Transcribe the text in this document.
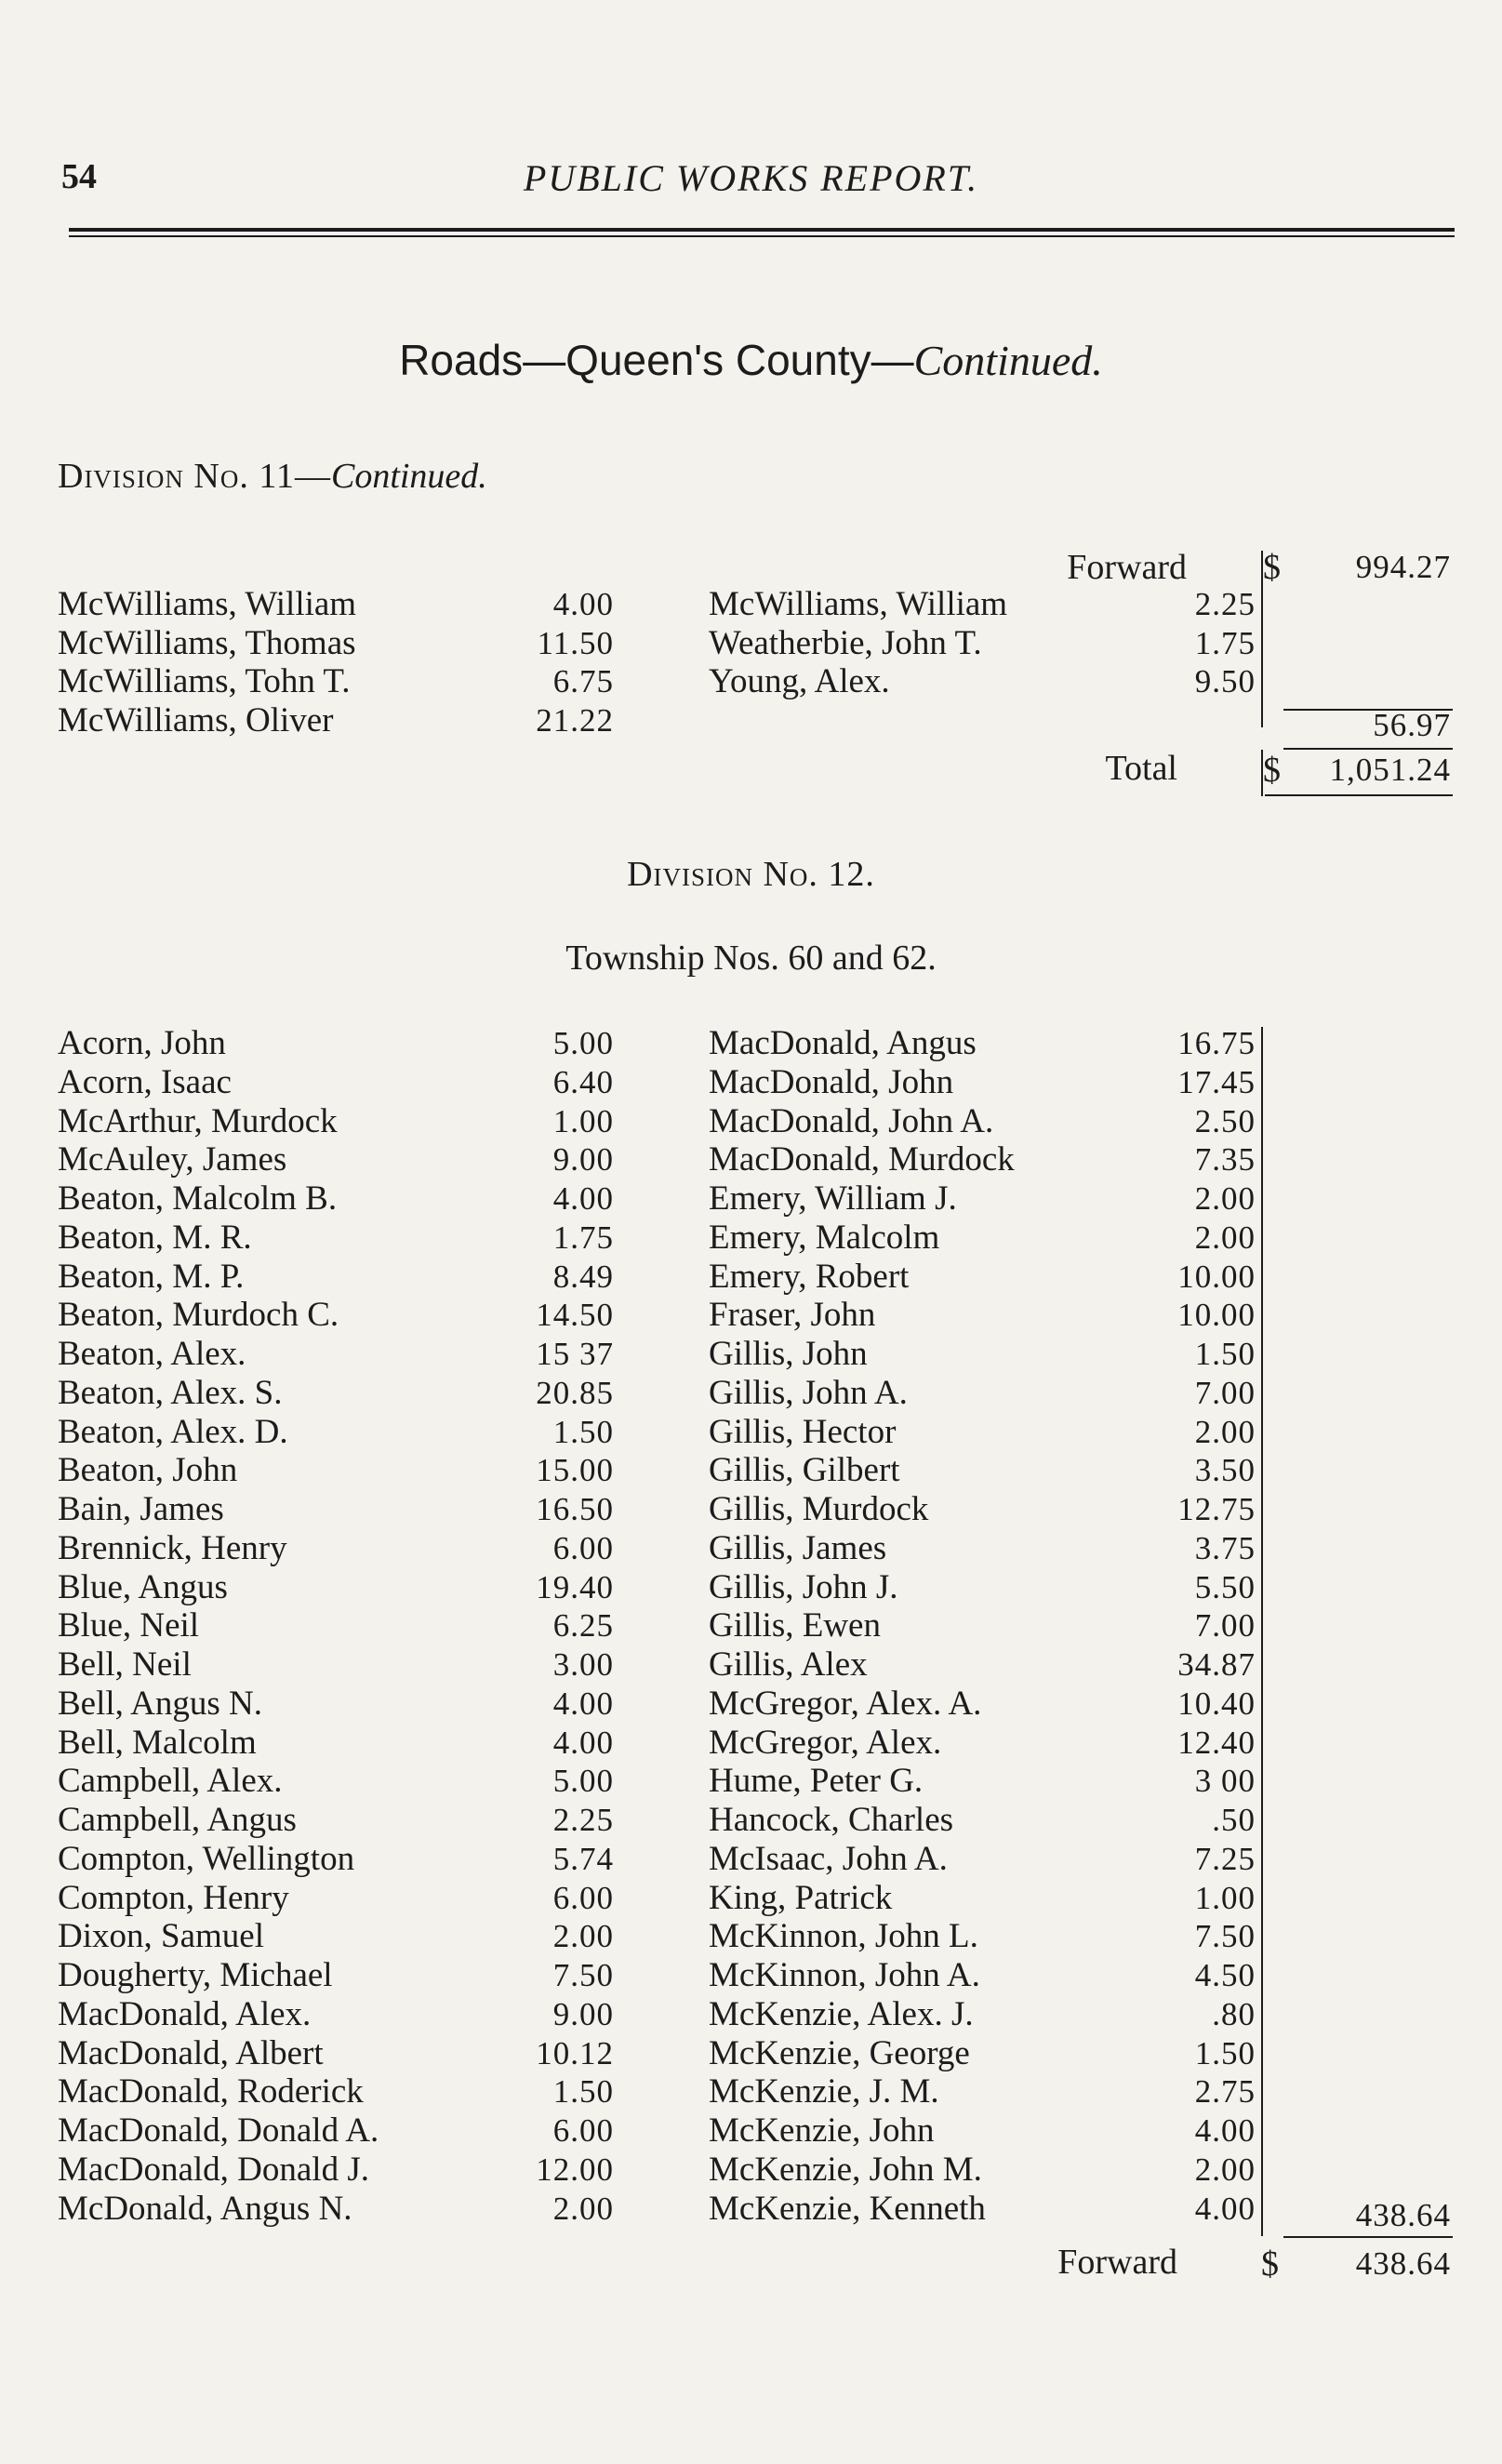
54	PUBLIC WORKS REPORT.
Roads—Queen's County—Continued.
Division No. 11—Continued.
Forward $	994.27
McWilliams, William	4.00
McWilliams, Thomas	11.50
McWilliams, Tohn T.	6.75
McWilliams, Oliver	21.22
McWilliams, William	2.25
Weatherbie, John T.	1.75
Young, Alex.	9.50
56.97
Total $	1,051.24
Division No. 12.
Township Nos. 60 and 62.
Acorn, John	5.00
Acorn, Isaac	6.40
McArthur, Murdock	1.00
McAuley, James	9.00
Beaton, Malcolm B.	4.00
Beaton, M. R.	1.75
Beaton, M. P.	8.49
Beaton, Murdoch C.	14.50
Beaton, Alex.	15 37
Beaton, Alex. S.	20.85
Beaton, Alex. D.	1.50
Beaton, John	15.00
Bain, James	16.50
Brennick, Henry	6.00
Blue, Angus	19.40
Blue, Neil	6.25
Bell, Neil	3.00
Bell, Angus N.	4.00
Bell, Malcolm	4.00
Campbell, Alex.	5.00
Campbell, Angus	2.25
Compton, Wellington	5.74
Compton, Henry	6.00
Dixon, Samuel	2.00
Dougherty, Michael	7.50
MacDonald, Alex.	9.00
MacDonald, Albert	10.12
MacDonald, Roderick	1.50
MacDonald, Donald A.	6.00
MacDonald, Donald J.	12.00
McDonald, Angus N.	2.00
MacDonald, Angus	16.75
MacDonald, John	17.45
MacDonald, John A.	2.50
MacDonald, Murdock	7.35
Emery, William J.	2.00
Emery, Malcolm	2.00
Emery, Robert	10.00
Fraser, John	10.00
Gillis, John	1.50
Gillis, John A.	7.00
Gillis, Hector	2.00
Gillis, Gilbert	3.50
Gillis, Murdock	12.75
Gillis, James	3.75
Gillis, John J.	5.50
Gillis, Ewen	7.00
Gillis, Alex	34.87
McGregor, Alex. A.	10.40
McGregor, Alex.	12.40
Hume, Peter G.	3 00
Hancock, Charles	.50
McIsaac, John A.	7.25
King, Patrick	1.00
McKinnon, John L.	7.50
McKinnon, John A.	4.50
McKenzie, Alex. J.	.80
McKenzie, George	1.50
McKenzie, J. M.	2.75
McKenzie, John	4.00
McKenzie, John M.	2.00
McKenzie, Kenneth	4.00	438.64
Forward $	438.64
